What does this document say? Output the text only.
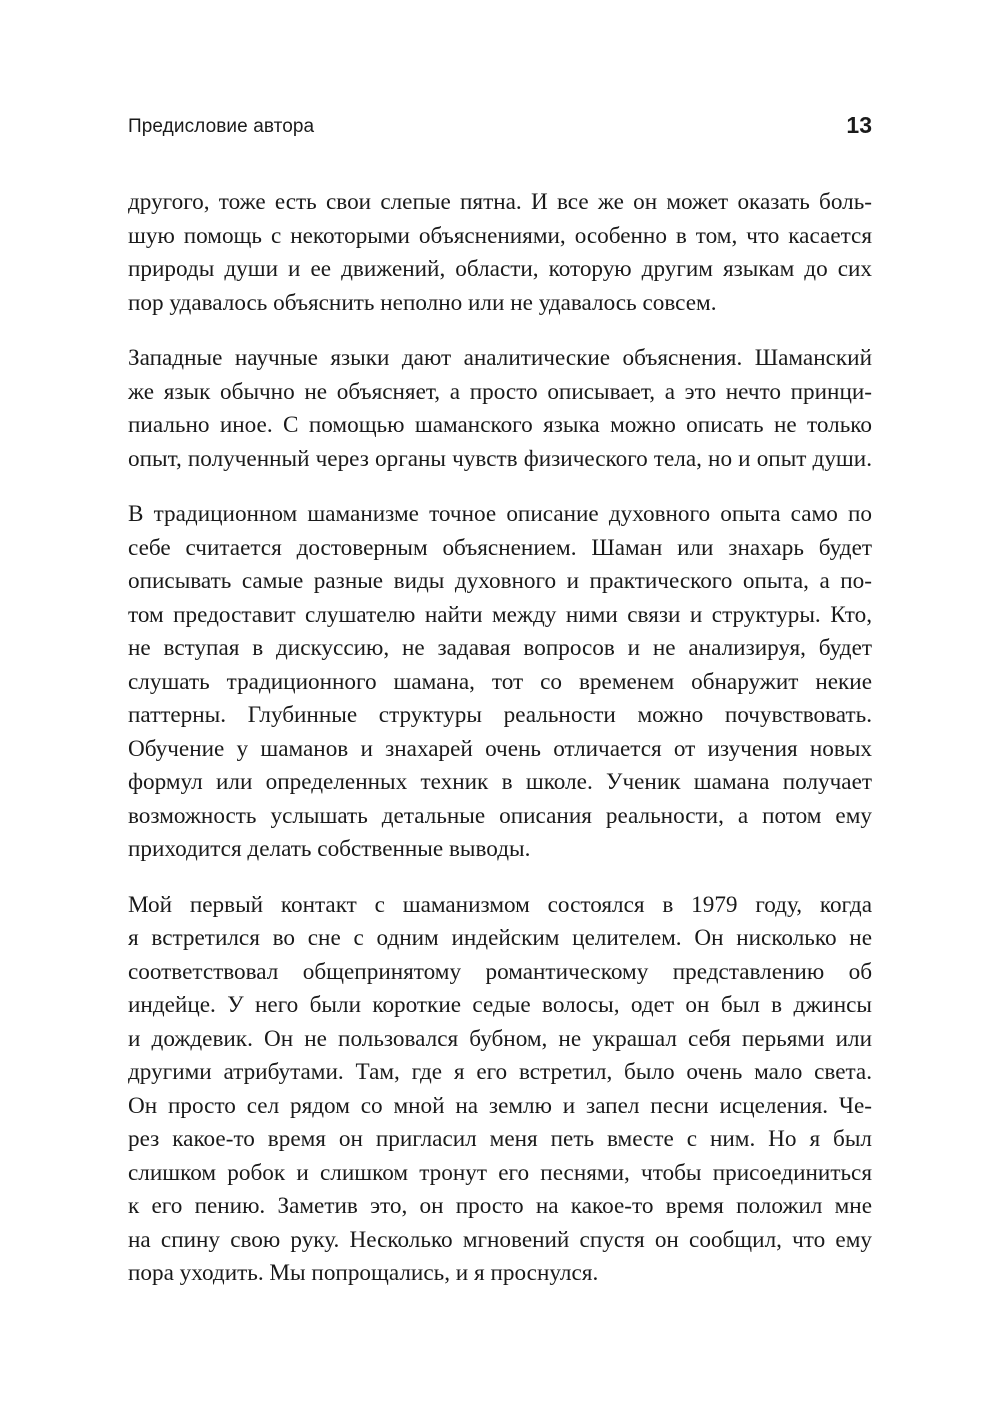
Предисловие автора	13

другого, тоже есть свои слепые пятна. И все же он может оказать боль-
шую помощь с некоторыми объяснениями, особенно в том, что касается
природы души и ее движений, области, которую другим языкам до сих
пор удавалось объяснить неполно или не удавалось совсем.

Западные научные языки дают аналитические объяснения. Шаманский
же язык обычно не объясняет, а просто описывает, а это нечто принци-
пиально иное. С помощью шаманского языка можно описать не только
опыт, полученный через органы чувств физического тела, но и опыт души.

В традиционном шаманизме точное описание духовного опыта само по
себе считается достоверным объяснением. Шаман или знахарь будет
описывать самые разные виды духовного и практического опыта, а по-
том предоставит слушателю найти между ними связи и структуры. Кто,
не вступая в дискуссию, не задавая вопросов и не анализируя, будет
слушать традиционного шамана, тот со временем обнаружит некие
паттерны. Глубинные структуры реальности можно почувствовать.
Обучение у шаманов и знахарей очень отличается от изучения новых
формул или определенных техник в школе. Ученик шамана получает
возможность услышать детальные описания реальности, а потом ему
приходится делать собственные выводы.

Мой первый контакт с шаманизмом состоялся в 1979 году, когда
я встретился во сне с одним индейским целителем. Он нисколько не
соответствовал общепринятому романтическому представлению об
индейце. У него были короткие седые волосы, одет он был в джинсы
и дождевик. Он не пользовался бубном, не украшал себя перьями или
другими атрибутами. Там, где я его встретил, было очень мало света.
Он просто сел рядом со мной на землю и запел песни исцеления. Че-
рез какое-то время он пригласил меня петь вместе с ним. Но я был
слишком робок и слишком тронут его песнями, чтобы присоединиться
к его пению. Заметив это, он просто на какое-то время положил мне
на спину свою руку. Несколько мгновений спустя он сообщил, что ему
пора уходить. Мы попрощались, и я проснулся.
